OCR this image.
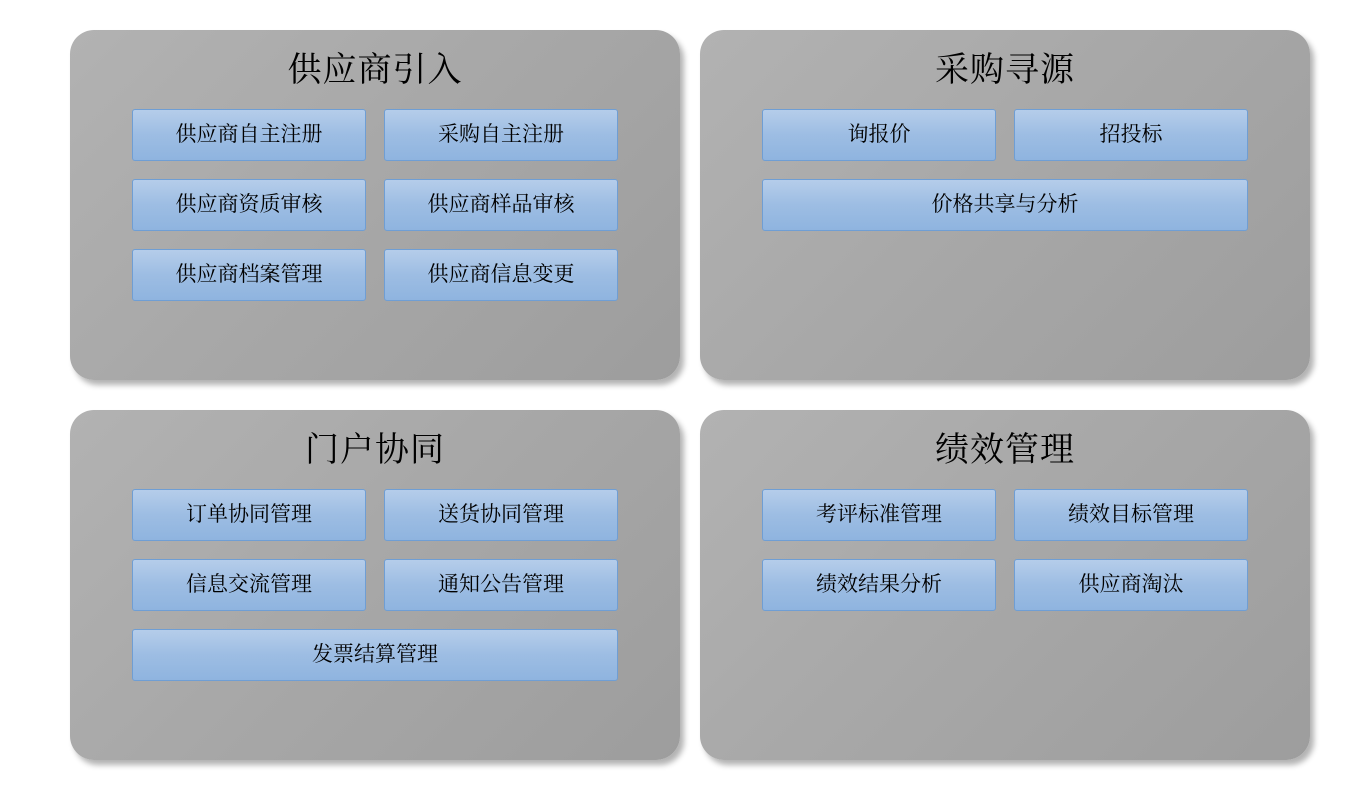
供应商引入
供应商自主注册	采购自主注册
供应商资质审核	供应商样品审核
供应商档案管理	供应商信息变更
采购寻源
询报价	招投标
价格共享与分析
门户协同
订单协同管理	送货协同管理
信息交流管理	通知公告管理
发票结算管理
绩效管理
考评标准管理	绩效目标管理
绩效结果分析	供应商淘汰
